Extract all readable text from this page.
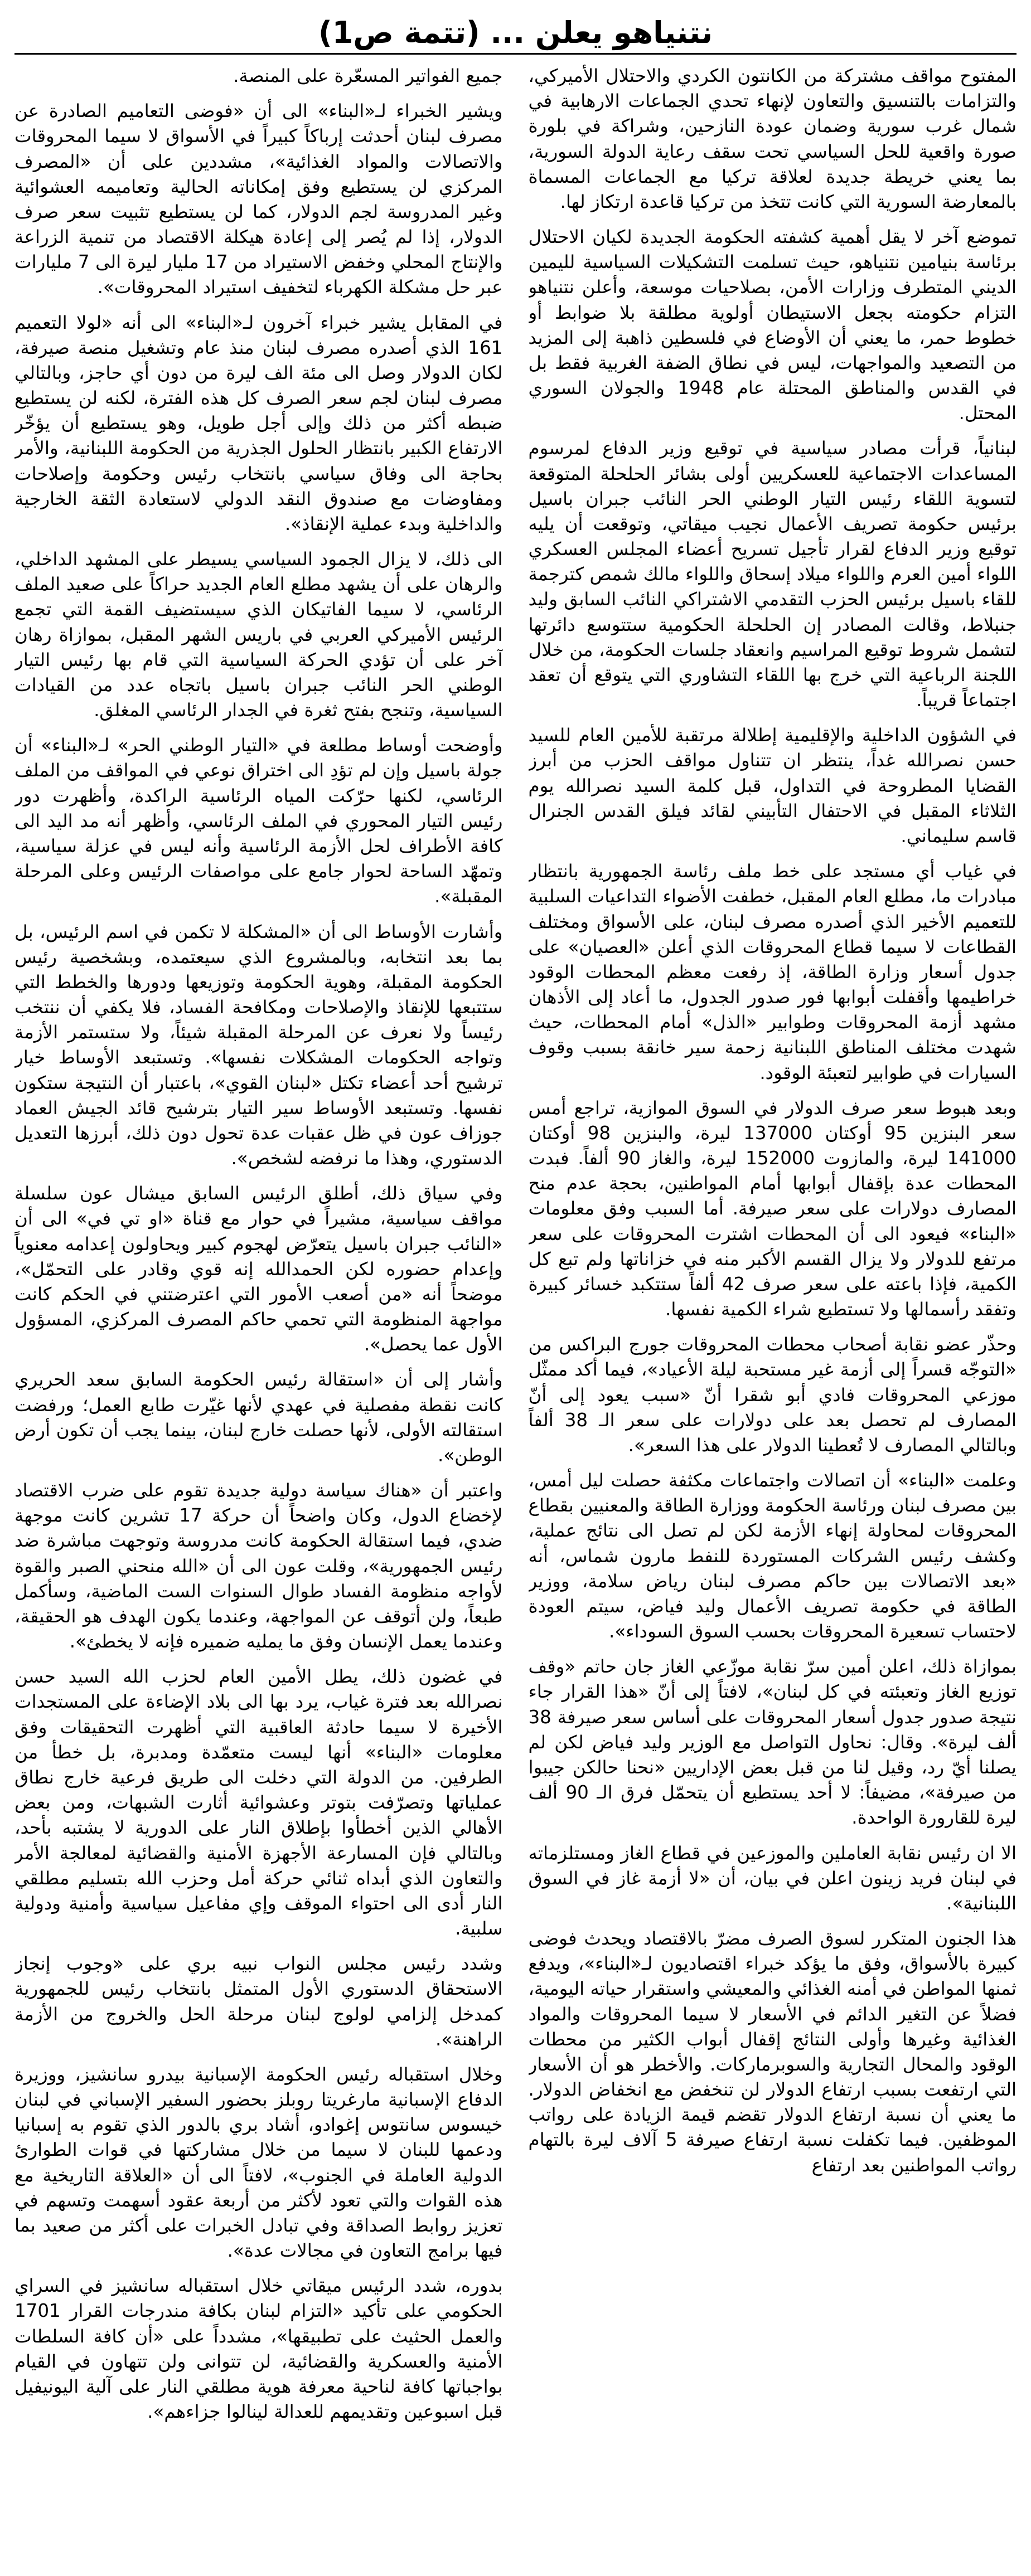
نتنياهو يعلن ... (تتمة ص1)

المفتوح مواقف مشتركة من الكانتون الكردي والاحتلال الأميركي، والتزامات بالتنسيق والتعاون لإنهاء تحدي الجماعات الارهابية في شمال غرب سورية وضمان عودة النازحين، وشراكة في بلورة صورة واقعية للحل السياسي تحت سقف رعاية الدولة السورية، بما يعني خريطة جديدة لعلاقة تركيا مع الجماعات المسماة بالمعارضة السورية التي كانت تتخذ من تركيا قاعدة ارتكاز لها.

تموضع آخر لا يقل أهمية كشفته الحكومة الجديدة لكيان الاحتلال برئاسة بنيامين نتنياهو، حيث تسلمت التشكيلات السياسية لليمين الديني المتطرف وزارات الأمن، بصلاحيات موسعة، وأعلن نتنياهو التزام حكومته بجعل الاستيطان أولوية مطلقة بلا ضوابط أو خطوط حمر، ما يعني أن الأوضاع في فلسطين ذاهبة إلى المزيد من التصعيد والمواجهات، ليس في نطاق الضفة الغربية فقط بل في القدس والمناطق المحتلة عام 1948 والجولان السوري المحتل.

لبنانياً، قرأت مصادر سياسية في توقيع وزير الدفاع لمرسوم المساعدات الاجتماعية للعسكريين أولى بشائر الحلحلة المتوقعة لتسوية اللقاء رئيس التيار الوطني الحر النائب جبران باسيل برئيس حكومة تصريف الأعمال نجيب ميقاتي، وتوقعت أن يليه توقيع وزير الدفاع لقرار تأجيل تسريح أعضاء المجلس العسكري اللواء أمين العرم واللواء ميلاد إسحاق واللواء مالك شمص كترجمة للقاء باسيل برئيس الحزب التقدمي الاشتراكي النائب السابق وليد جنبلاط، وقالت المصادر إن الحلحلة الحكومية ستتوسع دائرتها لتشمل شروط توقيع المراسيم وانعقاد جلسات الحكومة، من خلال اللجنة الرباعية التي خرج بها اللقاء التشاوري التي يتوقع أن تعقد اجتماعاً قريباً.

في الشؤون الداخلية والإقليمية إطلالة مرتقبة للأمين العام للسيد حسن نصرالله غداً، ينتظر ان تتناول مواقف الحزب من أبرز القضايا المطروحة في التداول، قبل كلمة السيد نصرالله يوم الثلاثاء المقبل في الاحتفال التأبيني لقائد فيلق القدس الجنرال قاسم سليماني.

في غياب أي مستجد على خط ملف رئاسة الجمهورية بانتظار مبادرات ما، مطلع العام المقبل، خطفت الأضواء التداعيات السلبية للتعميم الأخير الذي أصدره مصرف لبنان، على الأسواق ومختلف القطاعات لا سيما قطاع المحروقات الذي أعلن «العصيان» على جدول أسعار وزارة الطاقة، إذ رفعت معظم المحطات الوقود خراطيمها وأقفلت أبوابها فور صدور الجدول، ما أعاد إلى الأذهان مشهد أزمة المحروقات وطوابير «الذل» أمام المحطات، حيث شهدت مختلف المناطق اللبنانية زحمة سير خانقة بسبب وقوف السيارات في طوابير لتعبئة الوقود.

وبعد هبوط سعر صرف الدولار في السوق الموازية، تراجع أمس سعر البنزين 95 أوكتان 137000 ليرة، والبنزين 98 أوكتان 141000 ليرة، والمازوت 152000 ليرة، والغاز 90 ألفاً. فبدت المحطات عدة بإقفال أبوابها أمام المواطنين، بحجة عدم منح المصارف دولارات على سعر صيرفة. أما السبب وفق معلومات «البناء» فيعود الى أن المحطات اشترت المحروقات على سعر مرتفع للدولار ولا يزال القسم الأكبر منه في خزاناتها ولم تبع كل الكمية، فإذا باعته على سعر صرف 42 ألفاً ستتكبد خسائر كبيرة وتفقد رأسمالها ولا تستطيع شراء الكمية نفسها.

وحذّر عضو نقابة أصحاب محطات المحروقات جورج البراكس من «التوجّه قسراً إلى أزمة غير مستحبة ليلة الأعياد»، فيما أكد ممثّل موزعي المحروقات فادي أبو شقرا أنّ «سبب يعود إلى أنّ المصارف لم تحصل بعد على دولارات على سعر الـ 38 ألفاً وبالتالي المصارف لا تُعطينا الدولار على هذا السعر».

وعلمت «البناء» أن اتصالات واجتماعات مكثفة حصلت ليل أمس، بين مصرف لبنان ورئاسة الحكومة ووزارة الطاقة والمعنيين بقطاع المحروقات لمحاولة إنهاء الأزمة لكن لم تصل الى نتائج عملية، وكشف رئيس الشركات المستوردة للنفط مارون شماس، أنه «بعد الاتصالات بين حاكم مصرف لبنان رياض سلامة، ووزير الطاقة في حكومة تصريف الأعمال وليد فياض، سيتم العودة لاحتساب تسعيرة المحروقات بحسب السوق السوداء».

بموازاة ذلك، اعلن أمين سرّ نقابة موزّعي الغاز جان حاتم «وقف توزيع الغاز وتعبئته في كل لبنان»، لافتاً إلى أنّ «هذا القرار جاء نتيجة صدور جدول أسعار المحروقات على أساس سعر صيرفة 38 ألف ليرة». وقال: نحاول التواصل مع الوزير وليد فياض لكن لم يصلنا أيّ رد، وقيل لنا من قبل بعض الإداريين «نحنا حالكن جيبوا من صيرفة»، مضيفاً: لا أحد يستطيع أن يتحمّل فرق الـ 90 ألف ليرة للقارورة الواحدة.

الا ان رئيس نقابة العاملين والموزعين في قطاع الغاز ومستلزماته في لبنان فريد زينون اعلن في بيان، أن «لا أزمة غاز في السوق اللبنانية».

هذا الجنون المتكرر لسوق الصرف مضرّ بالاقتصاد ويحدث فوضى كبيرة بالأسواق، وفق ما يؤكد خبراء اقتصاديون لـ«البناء»، ويدفع ثمنها المواطن في أمنه الغذائي والمعيشي واستقرار حياته اليومية، فضلاً عن التغير الدائم في الأسعار لا سيما المحروقات والمواد الغذائية وغيرها وأولى النتائج إقفال أبواب الكثير من محطات الوقود والمحال التجارية والسوبرماركات. والأخطر هو أن الأسعار التي ارتفعت بسبب ارتفاع الدولار لن تنخفض مع انخفاض الدولار. ما يعني أن نسبة ارتفاع الدولار تقضم قيمة الزيادة على رواتب الموظفين. فيما تكفلت نسبة ارتفاع صيرفة 5 آلاف ليرة بالتهام رواتب المواطنين بعد ارتفاع

جميع الفواتير المسعّرة على المنصة.

ويشير الخبراء لـ«البناء» الى أن «فوضى التعاميم الصادرة عن مصرف لبنان أحدثت إرباكاً كبيراً في الأسواق لا سيما المحروقات والاتصالات والمواد الغذائية»، مشددين على أن «المصرف المركزي لن يستطيع وفق إمكاناته الحالية وتعاميمه العشوائية وغير المدروسة لجم الدولار، كما لن يستطيع تثبيت سعر صرف الدولار، إذا لم يُصر إلى إعادة هيكلة الاقتصاد من تنمية الزراعة والإنتاج المحلي وخفض الاستيراد من 17 مليار ليرة الى 7 مليارات عبر حل مشكلة الكهرباء لتخفيف استيراد المحروقات».

في المقابل يشير خبراء آخرون لـ«البناء» الى أنه «لولا التعميم 161 الذي أصدره مصرف لبنان منذ عام وتشغيل منصة صيرفة، لكان الدولار وصل الى مئة الف ليرة من دون أي حاجز، وبالتالي مصرف لبنان لجم سعر الصرف كل هذه الفترة، لكنه لن يستطيع ضبطه أكثر من ذلك وإلى أجل طويل، وهو يستطيع أن يؤخّر الارتفاع الكبير بانتظار الحلول الجذرية من الحكومة اللبنانية، والأمر بحاجة الى وفاق سياسي بانتخاب رئيس وحكومة وإصلاحات ومفاوضات مع صندوق النقد الدولي لاستعادة الثقة الخارجية والداخلية وبدء عملية الإنقاذ».

الى ذلك، لا يزال الجمود السياسي يسيطر على المشهد الداخلي، والرهان على أن يشهد مطلع العام الجديد حراكاً على صعيد الملف الرئاسي، لا سيما الفاتيكان الذي سيستضيف القمة التي تجمع الرئيس الأميركي العربي في باريس الشهر المقبل، بموازاة رهان آخر على أن تؤدي الحركة السياسية التي قام بها رئيس التيار الوطني الحر النائب جبران باسيل باتجاه عدد من القيادات السياسية، وتنجح بفتح ثغرة في الجدار الرئاسي المغلق.

وأوضحت أوساط مطلعة في «التيار الوطني الحر» لـ«البناء» أن جولة باسيل وإن لم تؤدِ الى اختراق نوعي في المواقف من الملف الرئاسي، لكنها حرّكت المياه الرئاسية الراكدة، وأظهرت دور رئيس التيار المحوري في الملف الرئاسي، وأظهر أنه مد اليد الى كافة الأطراف لحل الأزمة الرئاسية وأنه ليس في عزلة سياسية، وتمهّد الساحة لحوار جامع على مواصفات الرئيس وعلى المرحلة المقبلة».

وأشارت الأوساط الى أن «المشكلة لا تكمن في اسم الرئيس، بل بما بعد انتخابه، وبالمشروع الذي سيعتمده، وبشخصية رئيس الحكومة المقبلة، وهوية الحكومة وتوزيعها ودورها والخطط التي ستتبعها للإنقاذ والإصلاحات ومكافحة الفساد، فلا يكفي أن ننتخب رئيساً ولا نعرف عن المرحلة المقبلة شيئاً، ولا ستستمر الأزمة وتواجه الحكومات المشكلات نفسها». وتستبعد الأوساط خيار ترشيح أحد أعضاء تكتل «لبنان القوي»، باعتبار أن النتيجة ستكون نفسها. وتستبعد الأوساط سير التيار بترشيح قائد الجيش العماد جوزاف عون في ظل عقبات عدة تحول دون ذلك، أبرزها التعديل الدستوري، وهذا ما نرفضه لشخص».

وفي سياق ذلك، أطلق الرئيس السابق ميشال عون سلسلة مواقف سياسية، مشيراً في حوار مع قناة «او تي في» الى أن «النائب جبران باسيل يتعرّض لهجوم كبير ويحاولون إعدامه معنوياً وإعدام حضوره لكن الحمدالله إنه قوي وقادر على التحمّل»، موضحاً أنه «من أصعب الأمور التي اعترضتني في الحكم كانت مواجهة المنظومة التي تحمي حاكم المصرف المركزي، المسؤول الأول عما يحصل».

وأشار إلى أن «استقالة رئيس الحكومة السابق سعد الحريري كانت نقطة مفصلية في عهدي لأنها غيّرت طابع العمل؛ ورفضت استقالته الأولى، لأنها حصلت خارج لبنان، بينما يجب أن تكون أرض الوطن».

واعتبر أن «هناك سياسة دولية جديدة تقوم على ضرب الاقتصاد لإخضاع الدول، وكان واضحاً أن حركة 17 تشرين كانت موجهة ضدي، فيما استقالة الحكومة كانت مدروسة وتوجهت مباشرة ضد رئيس الجمهورية»، وقلت عون الى أن «الله منحني الصبر والقوة لأواجه منظومة الفساد طوال السنوات الست الماضية، وسأكمل طبعاً، ولن أتوقف عن المواجهة، وعندما يكون الهدف هو الحقيقة، وعندما يعمل الإنسان وفق ما يمليه ضميره فإنه لا يخطئ».

في غضون ذلك، يطل الأمين العام لحزب الله السيد حسن نصرالله بعد فترة غياب، يرد بها الى بلاد الإضاءة على المستجدات الأخيرة لا سيما حادثة العاقبية التي أظهرت التحقيقات وفق معلومات «البناء» أنها ليست متعمّدة ومدبرة، بل خطأ من الطرفين. من الدولة التي دخلت الى طريق فرعية خارج نطاق عملياتها وتصرّفت بتوتر وعشوائية أثارت الشبهات، ومن بعض الأهالي الذين أخطأوا بإطلاق النار على الدورية لا يشتبه بأحد، وبالتالي فإن المسارعة الأجهزة الأمنية والقضائية لمعالجة الأمر والتعاون الذي أبداه ثنائي حركة أمل وحزب الله بتسليم مطلقي النار أدى الى احتواء الموقف وإي مفاعيل سياسية وأمنية ودولية سلبية.

وشدد رئيس مجلس النواب نبيه بري على «وجوب إنجاز الاستحقاق الدستوري الأول المتمثل بانتخاب رئيس للجمهورية كمدخل إلزامي لولوج لبنان مرحلة الحل والخروج من الأزمة الراهنة».

وخلال استقباله رئيس الحكومة الإسبانية بيدرو سانشيز، ووزيرة الدفاع الإسبانية مارغريتا روبلز بحضور السفير الإسباني في لبنان خيسوس سانتوس إغوادو، أشاد بري بالدور الذي تقوم به إسبانيا ودعمها للبنان لا سيما من خلال مشاركتها في قوات الطوارئ الدولية العاملة في الجنوب»، لافتاً الى أن «العلاقة التاريخية مع هذه القوات والتي تعود لأكثر من أربعة عقود أسهمت وتسهم في تعزيز روابط الصداقة وفي تبادل الخبرات على أكثر من صعيد بما فيها برامج التعاون في مجالات عدة».

بدوره، شدد الرئيس ميقاتي خلال استقباله سانشيز في السراي الحكومي على تأكيد «التزام لبنان بكافة مندرجات القرار 1701 والعمل الحثيث على تطبيقها»، مشدداً على «أن كافة السلطات الأمنية والعسكرية والقضائية، لن تتوانى ولن تتهاون في القيام بواجباتها كافة لناحية معرفة هوية مطلقي النار على آلية اليونيفيل قبل اسبوعين وتقديمهم للعدالة لينالوا جزاءهم».
